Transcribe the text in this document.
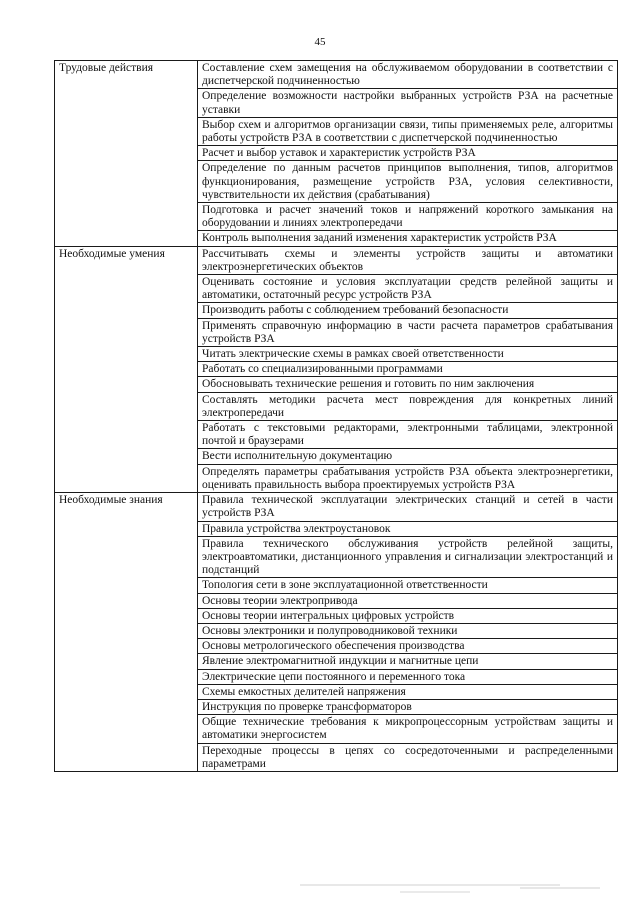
45
Трудовые действия	Составление схем замещения на обслуживаемом оборудовании в соответствии с диспетчерской подчиненностью
	Определение возможности настройки выбранных устройств РЗА на расчетные уставки
	Выбор схем и алгоритмов организации связи, типы применяемых реле, алгоритмы работы устройств РЗА в соответствии с диспетчерской подчиненностью
	Расчет и выбор уставок и характеристик устройств РЗА
	Определение по данным расчетов принципов выполнения, типов, алгоритмов функционирования, размещение устройств РЗА, условия селективности, чувствительности их действия (срабатывания)
	Подготовка и расчет значений токов и напряжений короткого замыкания на оборудовании и линиях электропередачи
	Контроль выполнения заданий изменения характеристик устройств РЗА
Необходимые умения	Рассчитывать схемы и элементы устройств защиты и автоматики электроэнергетических объектов
	Оценивать состояние и условия эксплуатации средств релейной защиты и автоматики, остаточный ресурс устройств РЗА
	Производить работы с соблюдением требований безопасности
	Применять справочную информацию в части расчета параметров срабатывания устройств РЗА
	Читать электрические схемы в рамках своей ответственности
	Работать со специализированными программами
	Обосновывать технические решения и готовить по ним заключения
	Составлять методики расчета мест повреждения для конкретных линий электропередачи
	Работать с текстовыми редакторами, электронными таблицами, электронной почтой и браузерами
	Вести исполнительную документацию
	Определять параметры срабатывания устройств РЗА объекта электроэнергетики, оценивать правильность выбора проектируемых устройств РЗА
Необходимые знания	Правила технической эксплуатации электрических станций и сетей в части устройств РЗА
	Правила устройства электроустановок
	Правила технического обслуживания устройств релейной защиты, электроавтоматики, дистанционного управления и сигнализации электростанций и подстанций
	Топология сети в зоне эксплуатационной ответственности
	Основы теории электропривода
	Основы теории интегральных цифровых устройств
	Основы электроники и полупроводниковой техники
	Основы метрологического обеспечения производства
	Явление электромагнитной индукции и магнитные цепи
	Электрические цепи постоянного и переменного тока
	Схемы емкостных делителей напряжения
	Инструкция по проверке трансформаторов
	Общие технические требования к микропроцессорным устройствам защиты и автоматики энергосистем
	Переходные процессы в цепях со сосредоточенными и распределенными параметрами
